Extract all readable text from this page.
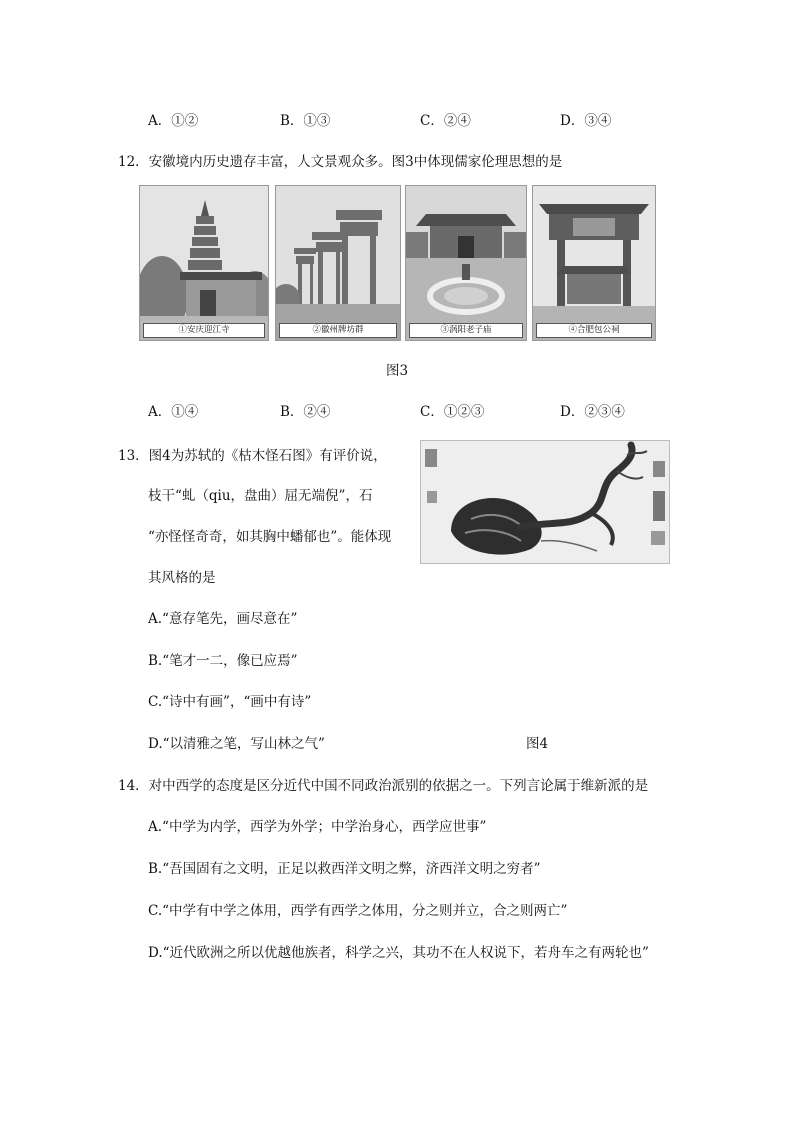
A．①②	B．①③	C．②④	D．③④
12．安徽境内历史遗存丰富，人文景观众多。图3中体现儒家伦理思想的是
①安庆迎江寺	②徽州牌坊群	③涡阳老子庙	④合肥包公祠
图3
A．①④	B．②④	C．①②③	D．②③④
13．图4为苏轼的《枯木怪石图》有评价说，
枝干“虬（qiu，盘曲）屈无端倪”，石
“亦怪怪奇奇，如其胸中蟠郁也”。能体现
其风格的是
A.“意存笔先，画尽意在”
B.“笔才一二，像已应焉”
C.“诗中有画”，“画中有诗”
D.“以清雅之笔，写山林之气”	图4
14．对中西学的态度是区分近代中国不同政治派别的依据之一。下列言论属于维新派的是
A.“中学为内学，西学为外学；中学治身心，西学应世事”
B.“吾国固有之文明，正足以救西洋文明之弊，济西洋文明之穷者”
C.“中学有中学之体用，西学有西学之体用，分之则并立，合之则两亡”
D.“近代欧洲之所以优越他族者，科学之兴，其功不在人权说下，若舟车之有两轮也”
